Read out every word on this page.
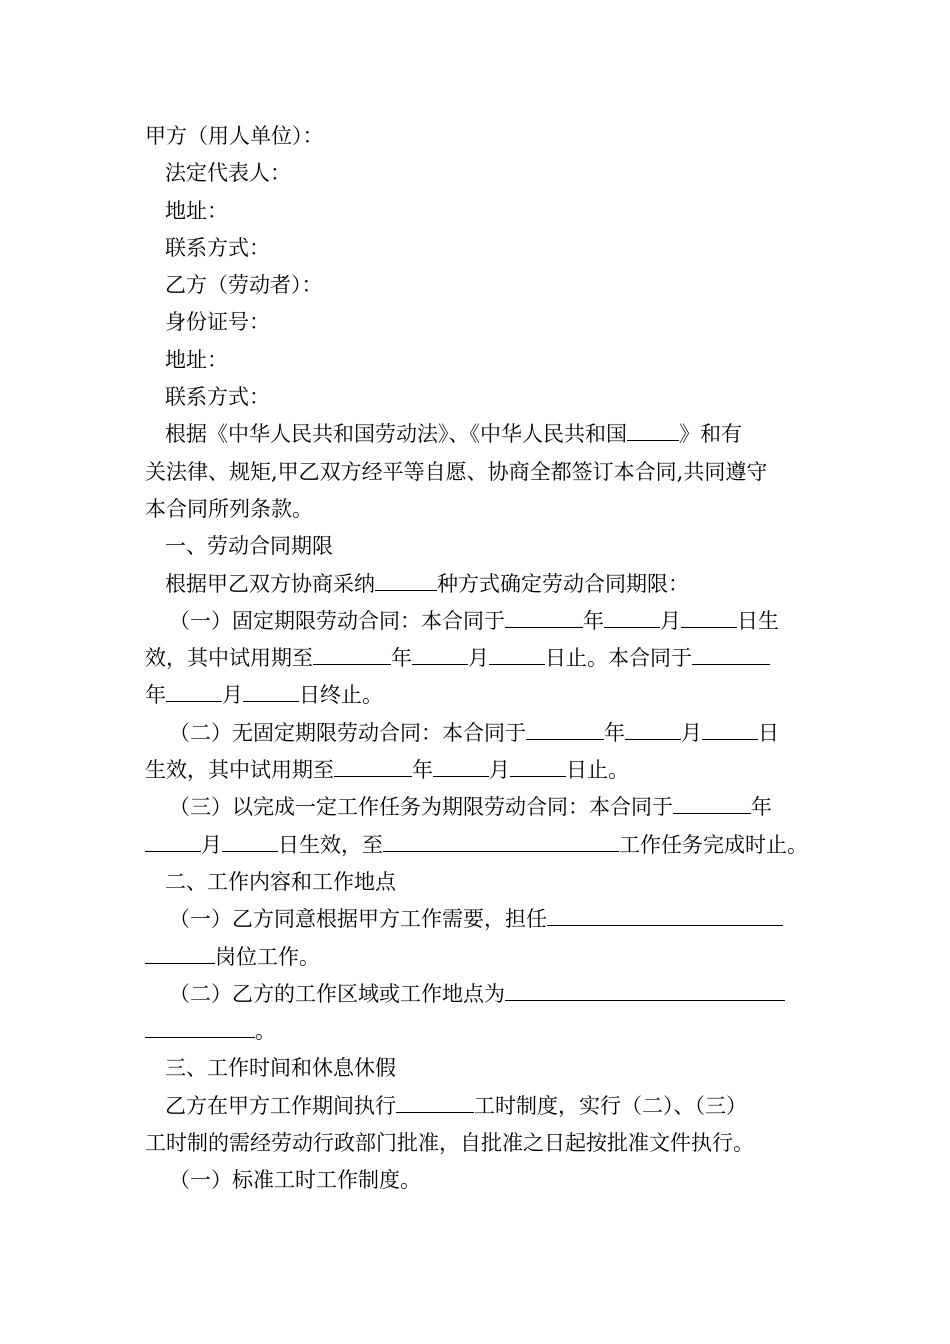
甲方（用人单位）：
法定代表人：
地址：
联系方式：
乙方（劳动者）：
身份证号：
地址：
联系方式：
根据《中华人民共和国劳动法》、《中华人民共和国 》和有
关法律、规矩,甲乙双方经平等自愿、协商全都签订本合同,共同遵守
本合同所列条款。
一、劳动合同期限
根据甲乙双方协商采纳	种方式确定劳动合同期限：
（一）固定期限劳动合同：本合同于	年	月	日生
效，其中试用期至	年	月	日止。本合同于
年	月	日终止。
（二）无固定期限劳动合同：本合同于	年	月	日
生效，其中试用期至	年	月	日止。
（三）以完成一定工作任务为期限劳动合同：本合同于	年
月	日生效，至	工作任务完成时止。
二、工作内容和工作地点
（一）乙方同意根据甲方工作需要，担任
岗位工作。
（二）乙方的工作区域或工作地点为
。
三、工作时间和休息休假
乙方在甲方工作期间执行	工时制度，实行（二）、（三）
工时制的需经劳动行政部门批准，自批准之日起按批准文件执行。
（一）标准工时工作制度。
